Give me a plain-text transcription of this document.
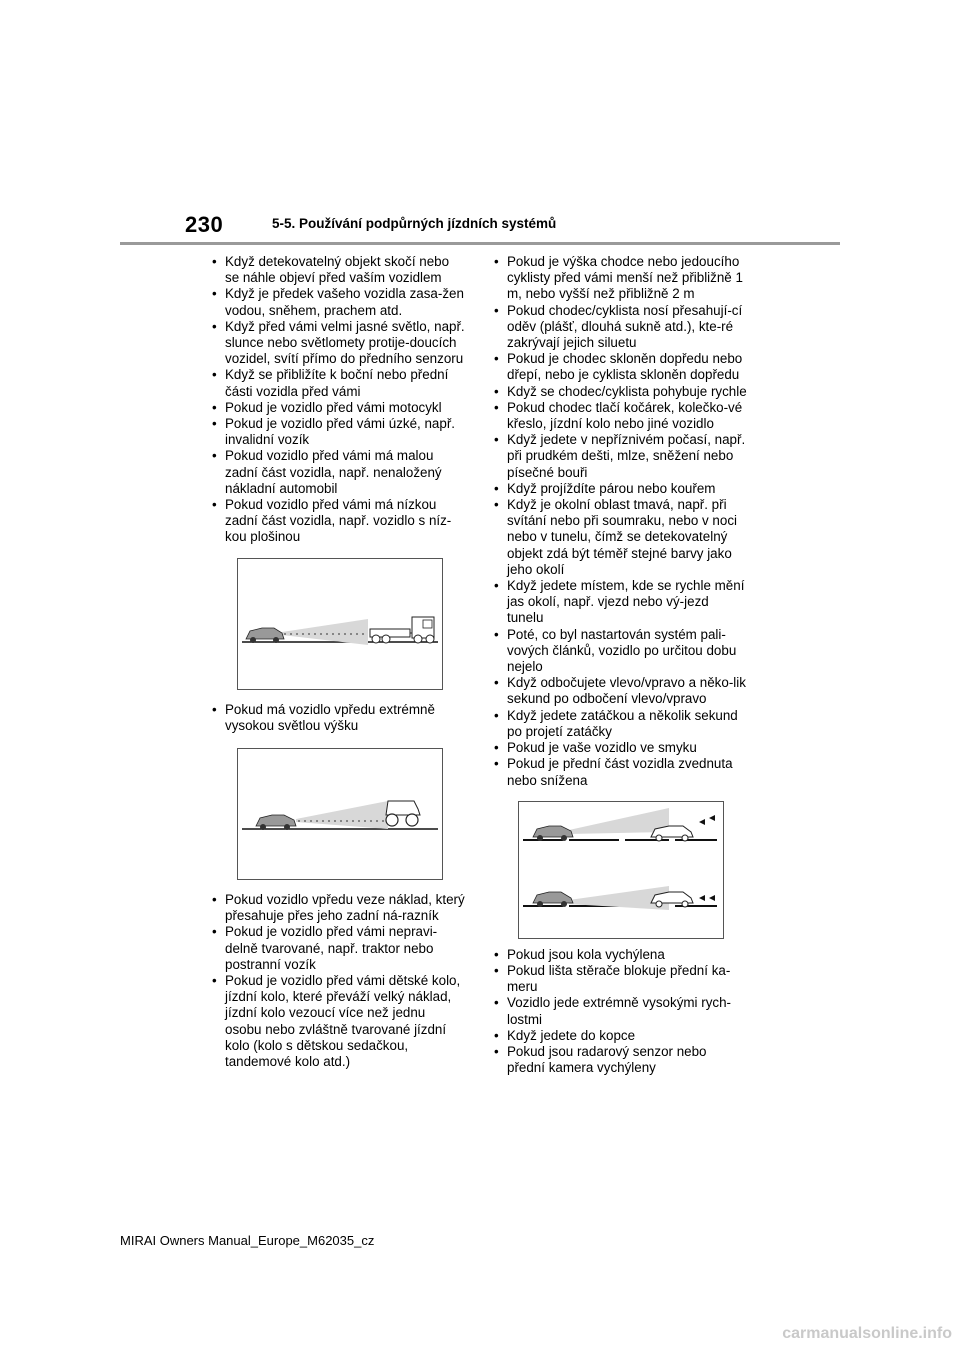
230	5-5. Používání podpůrných jízdních systémů
• Když detekovatelný objekt skočí nebo se náhle objeví před vaším vozidlem
• Když je předek vašeho vozidla zasa-žen vodou, sněhem, prachem atd.
• Když před vámi velmi jasné světlo, např. slunce nebo světlomety protije-doucích vozidel, svítí přímo do předního senzoru
• Když se přibližíte k boční nebo přední části vozidla před vámi
• Pokud je vozidlo před vámi motocykl
• Pokud je vozidlo před vámi úzké, např. invalidní vozík
• Pokud vozidlo před vámi má malou zadní část vozidla, např. nenaložený nákladní automobil
• Pokud vozidlo před vámi má nízkou zadní část vozidla, např. vozidlo s níz-kou plošinou
• Pokud má vozidlo vpředu extrémně vysokou světlou výšku
• Pokud vozidlo vpředu veze náklad, který přesahuje přes jeho zadní ná-razník
• Pokud je vozidlo před vámi nepravi-delně tvarované, např. traktor nebo postranní vozík
• Pokud je vozidlo před vámi dětské kolo, jízdní kolo, které převáží velký náklad, jízdní kolo vezoucí více než jednu osobu nebo zvláštně tvarované jízdní kolo (kolo s dětskou sedačkou, tandemové kolo atd.)
• Pokud je výška chodce nebo jedoucího cyklisty před vámi menší než přibližně 1 m, nebo vyšší než přibližně 2 m
• Pokud chodec/cyklista nosí přesahují-cí oděv (plášť, dlouhá sukně atd.), kte-ré zakrývají jejich siluetu
• Pokud je chodec skloněn dopředu nebo dřepí, nebo je cyklista skloněn dopředu
• Když se chodec/cyklista pohybuje rychle
• Pokud chodec tlačí kočárek, kolečko-vé křeslo, jízdní kolo nebo jiné vozidlo
• Když jedete v nepříznivém počasí, např. při prudkém dešti, mlze, sněžení nebo písečné bouři
• Když projíždíte párou nebo kouřem
• Když je okolní oblast tmavá, např. při svítání nebo při soumraku, nebo v noci nebo v tunelu, čímž se detekovatelný objekt zdá být téměř stejné barvy jako jeho okolí
• Když jedete místem, kde se rychle mění jas okolí, např. vjezd nebo vý-jezd tunelu
• Poté, co byl nastartován systém pali-vových článků, vozidlo po určitou dobu nejelo
• Když odbočujete vlevo/vpravo a něko-lik sekund po odbočení vlevo/vpravo
• Když jedete zatáčkou a několik sekund po projetí zatáčky
• Pokud je vaše vozidlo ve smyku
• Pokud je přední část vozidla zvednuta nebo snížena
• Pokud jsou kola vychýlena
• Pokud lišta stěrače blokuje přední ka-meru
• Vozidlo jede extrémně vysokými rych-lostmi
• Když jedete do kopce
• Pokud jsou radarový senzor nebo přední kamera vychýleny
MIRAI Owners Manual_Europe_M62035_cz
carmanualsonline.info
